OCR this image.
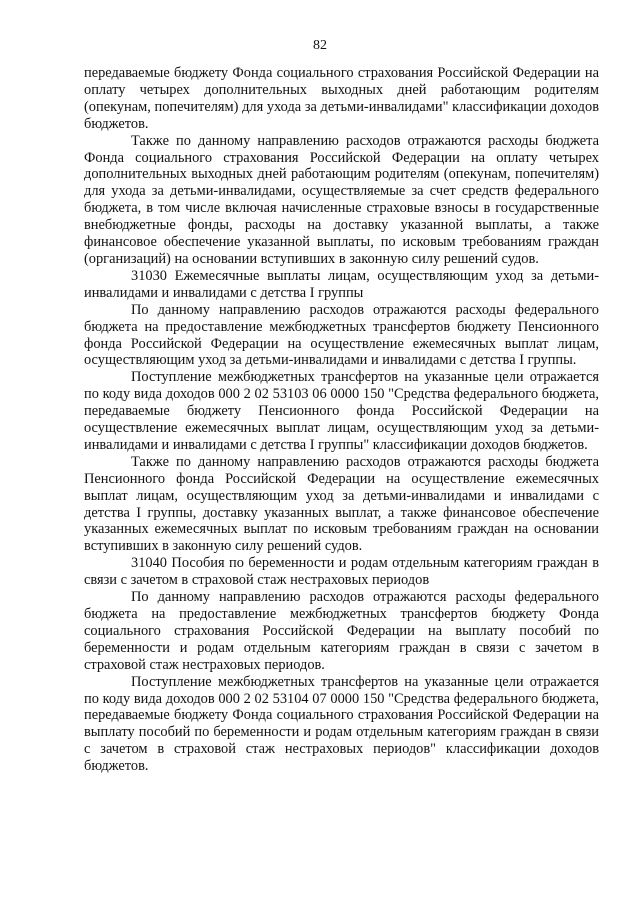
82

передаваемые бюджету Фонда социального страхования Российской Федерации на оплату четырех дополнительных выходных дней работающим родителям (опекунам, попечителям) для ухода за детьми-инвалидами" классификации доходов бюджетов.

Также по данному направлению расходов отражаются расходы бюджета Фонда социального страхования Российской Федерации на оплату четырех дополнительных выходных дней работающим родителям (опекунам, попечителям) для ухода за детьми-инвалидами, осуществляемые за счет средств федерального бюджета, в том числе включая начисленные страховые взносы в государственные внебюджетные фонды, расходы на доставку указанной выплаты, а также финансовое обеспечение указанной выплаты, по исковым требованиям граждан (организаций) на основании вступивших в законную силу решений судов.

31030 Ежемесячные выплаты лицам, осуществляющим уход за детьми-инвалидами и инвалидами с детства I группы

По данному направлению расходов отражаются расходы федерального бюджета на предоставление межбюджетных трансфертов бюджету Пенсионного фонда Российской Федерации на осуществление ежемесячных выплат лицам, осуществляющим уход за детьми-инвалидами и инвалидами с детства I группы.

Поступление межбюджетных трансфертов на указанные цели отражается по коду вида доходов 000 2 02 53103 06 0000 150 "Средства федерального бюджета, передаваемые бюджету Пенсионного фонда Российской Федерации на осуществление ежемесячных выплат лицам, осуществляющим уход за детьми-инвалидами и инвалидами с детства I группы" классификации доходов бюджетов.

Также по данному направлению расходов отражаются расходы бюджета Пенсионного фонда Российской Федерации на осуществление ежемесячных выплат лицам, осуществляющим уход за детьми-инвалидами и инвалидами с детства I группы, доставку указанных выплат, а также финансовое обеспечение указанных ежемесячных выплат по исковым требованиям граждан на основании вступивших в законную силу решений судов.

31040 Пособия по беременности и родам отдельным категориям граждан в связи с зачетом в страховой стаж нестраховых периодов

По данному направлению расходов отражаются расходы федерального бюджета на предоставление межбюджетных трансфертов бюджету Фонда социального страхования Российской Федерации на выплату пособий по беременности и родам отдельным категориям граждан в связи с зачетом в страховой стаж нестраховых периодов.

Поступление межбюджетных трансфертов на указанные цели отражается по коду вида доходов 000 2 02 53104 07 0000 150 "Средства федерального бюджета, передаваемые бюджету Фонда социального страхования Российской Федерации на выплату пособий по беременности и родам отдельным категориям граждан в связи с зачетом в страховой стаж нестраховых периодов" классификации доходов бюджетов.
